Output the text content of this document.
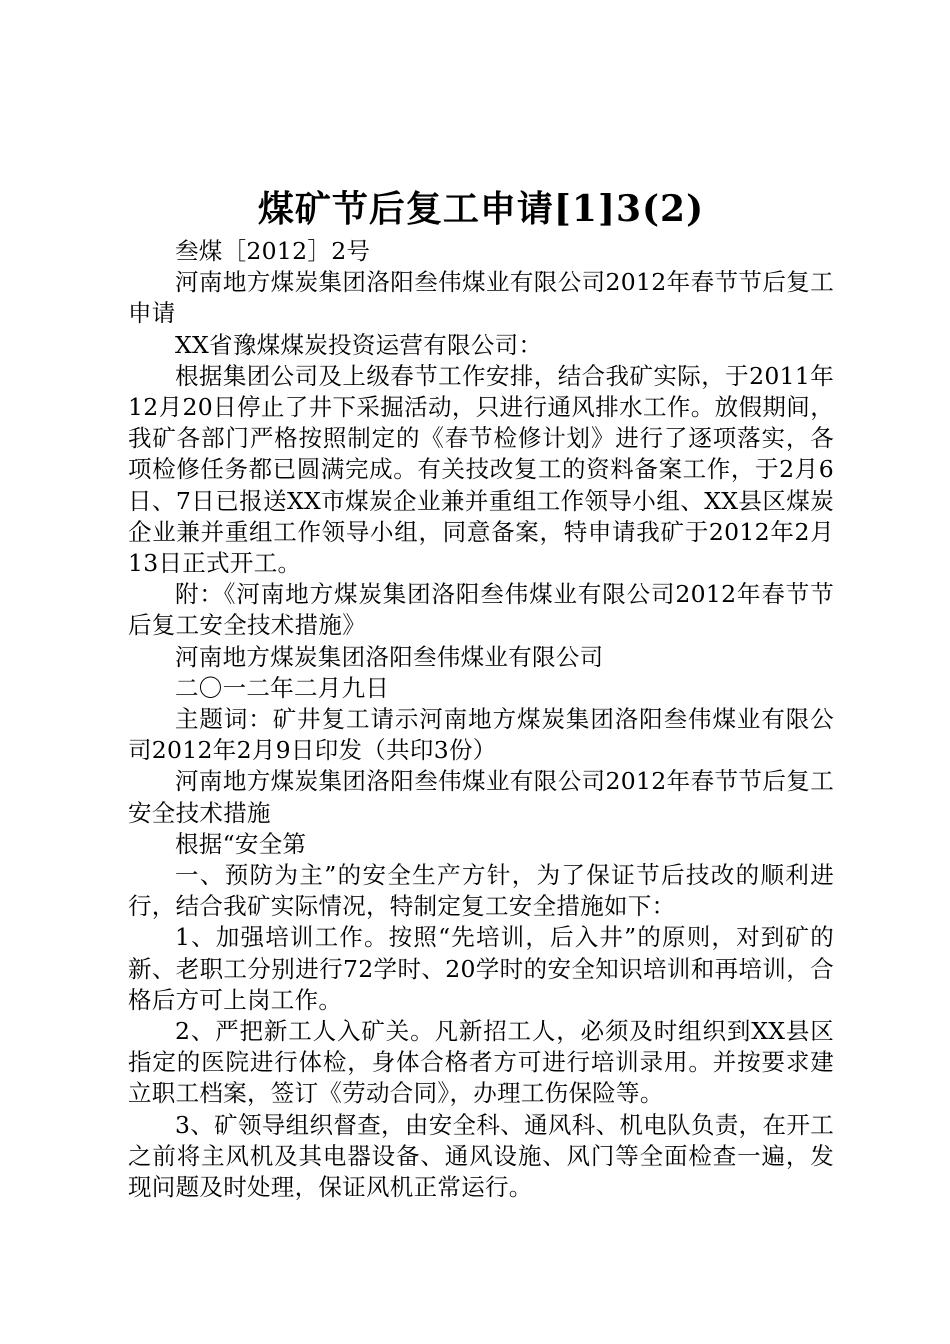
煤矿节后复工申请[1]3(2)

叁煤［2012］2号

河南地方煤炭集团洛阳叁伟煤业有限公司2012年春节节后复工申请

XX省豫煤煤炭投资运营有限公司：

根据集团公司及上级春节工作安排，结合我矿实际，于2011年12月20日停止了井下采掘活动，只进行通风排水工作。放假期间，我矿各部门严格按照制定的《春节检修计划》进行了逐项落实，各项检修任务都已圆满完成。有关技改复工的资料备案工作，于2月6日、7日已报送XX市煤炭企业兼并重组工作领导小组、XX县区煤炭企业兼并重组工作领导小组，同意备案，特申请我矿于2012年2月13日正式开工。

附：《河南地方煤炭集团洛阳叁伟煤业有限公司2012年春节节后复工安全技术措施》

河南地方煤炭集团洛阳叁伟煤业有限公司

二〇一二年二月九日

主题词：矿井复工请示河南地方煤炭集团洛阳叁伟煤业有限公司2012年2月9日印发（共印3份）

河南地方煤炭集团洛阳叁伟煤业有限公司2012年春节节后复工安全技术措施

根据“安全第

一、预防为主”的安全生产方针，为了保证节后技改的顺利进行，结合我矿实际情况，特制定复工安全措施如下：

1、加强培训工作。按照“先培训，后入井”的原则，对到矿的新、老职工分别进行72学时、20学时的安全知识培训和再培训，合格后方可上岗工作。

2、严把新工人入矿关。凡新招工人，必须及时组织到XX县区指定的医院进行体检，身体合格者方可进行培训录用。并按要求建立职工档案，签订《劳动合同》，办理工伤保险等。

3、矿领导组织督查，由安全科、通风科、机电队负责，在开工之前将主风机及其电器设备、通风设施、风门等全面检查一遍，发现问题及时处理，保证风机正常运行。
